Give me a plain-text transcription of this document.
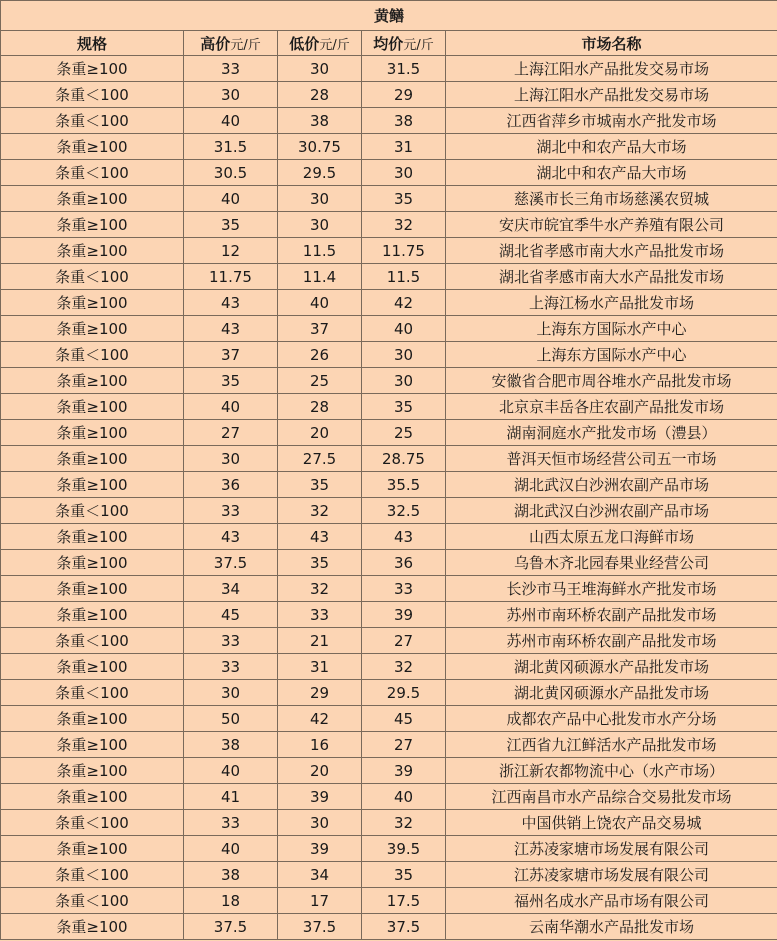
黄鳝				
规格	高价元/斤	低价元/斤	均价元/斤	市场名称
条重≥100	33	30	31.5	上海江阳水产品批发交易市场
条重＜100	30	28	29	上海江阳水产品批发交易市场
条重＜100	40	38	38	江西省萍乡市城南水产批发市场
条重≥100	31.5	30.75	31	湖北中和农产品大市场
条重＜100	30.5	29.5	30	湖北中和农产品大市场
条重≥100	40	30	35	慈溪市长三角市场慈溪农贸城
条重≥100	35	30	32	安庆市皖宜季牛水产养殖有限公司
条重≥100	12	11.5	11.75	湖北省孝感市南大水产品批发市场
条重＜100	11.75	11.4	11.5	湖北省孝感市南大水产品批发市场
条重≥100	43	40	42	上海江杨水产品批发市场
条重≥100	43	37	40	上海东方国际水产中心
条重＜100	37	26	30	上海东方国际水产中心
条重≥100	35	25	30	安徽省合肥市周谷堆水产品批发市场
条重≥100	40	28	35	北京京丰岳各庄农副产品批发市场
条重≥100	27	20	25	湖南洞庭水产批发市场（澧县）
条重≥100	30	27.5	28.75	普洱天恒市场经营公司五一市场
条重≥100	36	35	35.5	湖北武汉白沙洲农副产品市场
条重＜100	33	32	32.5	湖北武汉白沙洲农副产品市场
条重≥100	43	43	43	山西太原五龙口海鲜市场
条重≥100	37.5	35	36	乌鲁木齐北园春果业经营公司
条重≥100	34	32	33	长沙市马王堆海鲜水产批发市场
条重≥100	45	33	39	苏州市南环桥农副产品批发市场
条重＜100	33	21	27	苏州市南环桥农副产品批发市场
条重≥100	33	31	32	湖北黄冈硕源水产品批发市场
条重＜100	30	29	29.5	湖北黄冈硕源水产品批发市场
条重≥100	50	42	45	成都农产品中心批发市水产分场
条重≥100	38	16	27	江西省九江鲜活水产品批发市场
条重≥100	40	20	39	浙江新农都物流中心（水产市场）
条重≥100	41	39	40	江西南昌市水产品综合交易批发市场
条重＜100	33	30	32	中国供销上饶农产品交易城
条重≥100	40	39	39.5	江苏凌家塘市场发展有限公司
条重＜100	38	34	35	江苏凌家塘市场发展有限公司
条重＜100	18	17	17.5	福州名成水产品市场有限公司
条重≥100	37.5	37.5	37.5	云南华潮水产品批发市场
